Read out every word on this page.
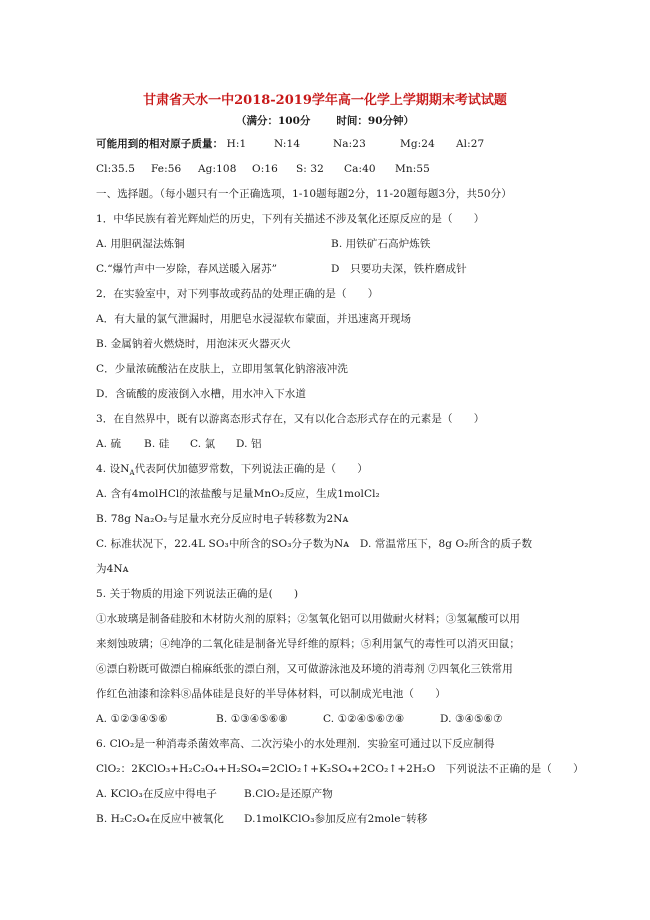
甘肃省天水一中2018-2019学年高一化学上学期期末考试试题
（满分：100分 时间：90分钟）
可能用到的相对原子质量： H:1	N:14	Na:23	Mg:24 Al:27
Cl:35.5 Fe:56 Ag:108 O:16 S: 32 Ca:40 Mn:55
一、选择题。（每小题只有一个正确选项，1-10题每题2分，11-20题每题3分，共50分）
1．中华民族有着光辉灿烂的历史，下列有关描述不涉及氧化还原反应的是（　　）
A. 用胆矾湿法炼铜	B. 用铁矿石高炉炼铁
C.“爆竹声中一岁除，春风送暖入屠苏”	D　只要功夫深，铁杵磨成针
2．在实验室中，对下列事故或药品的处理正确的是（　　）
A．有大量的氯气泄漏时，用肥皂水浸湿软布蒙面，并迅速离开现场
B. 金属钠着火燃烧时，用泡沫灭火器灭火
C．少量浓硫酸沾在皮肤上，立即用氢氧化钠溶液冲洗
D．含硫酸的废液倒入水槽，用水冲入下水道
3．在自然界中，既有以游离态形式存在，又有以化合态形式存在的元素是（　　）
A. 硫 B. 硅 C. 氯 D. 铝
4. 设$N_A$代表阿伏加德罗常数，下列说法正确的是（　　）
A. 含有4molHCl的浓盐酸与足量MnO₂反应，生成1molCl₂
B. 78g Na₂O₂与足量水充分反应时电子转移数为2Nᴀ
C. 标准状况下，22.4L SO₃中所含的SO₃分子数为Nᴀ　D. 常温常压下，8g O₂所含的质子数
为4Nᴀ
5. 关于物质的用途下列说法正确的是(　　)
①水玻璃是制备硅胶和木材防火剂的原料；②氢氧化铝可以用做耐火材料；③氢氟酸可以用
来刻蚀玻璃；④纯净的二氧化硅是制备光导纤维的原料；⑤利用氯气的毒性可以消灭田鼠；
⑥漂白粉既可做漂白棉麻纸张的漂白剂，又可做游泳池及环境的消毒剂 ⑦四氧化三铁常用
作红色油漆和涂料⑧晶体硅是良好的半导体材料，可以制成光电池（　　）
A. ①②③④⑤⑥	B. ①③④⑤⑥⑧	C. ①②④⑤⑥⑦⑧	D. ③④⑤⑥⑦
6. ClO₂是一种消毒杀菌效率高、二次污染小的水处理剂．实验室可通过以下反应制得
ClO₂：2KClO₃+H₂C₂O₄+H₂SO₄=2ClO₂↑+K₂SO₄+2CO₂↑+2H₂O　下列说法不正确的是（　　）
A. KClO₃在反应中得电子	B.ClO₂是还原产物
B. H₂C₂O₄在反应中被氧化 D.1molKClO₃参加反应有2mole⁻转移
